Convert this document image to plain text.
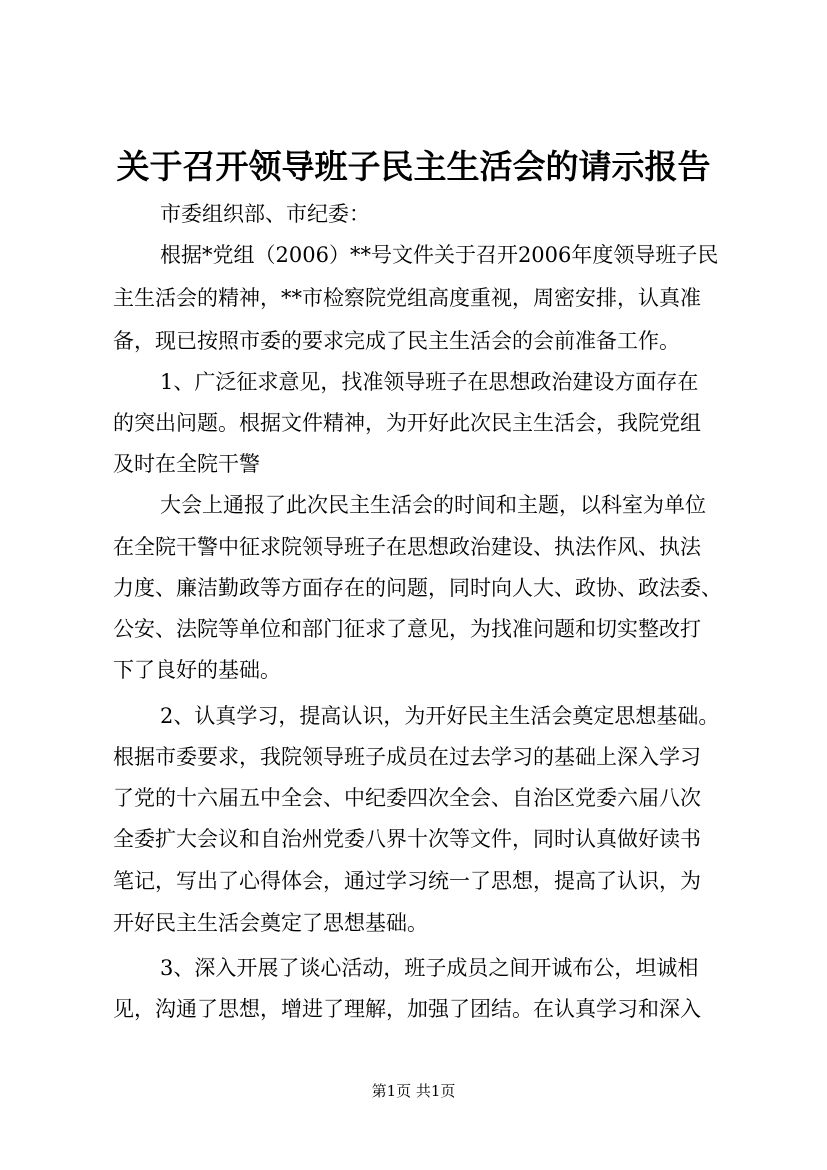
关于召开领导班子民主生活会的请示报告
市委组织部、市纪委：
根据*党组（2006）**号文件关于召开2006年度领导班子民
主生活会的精神，**市检察院党组高度重视，周密安排，认真准
备，现已按照市委的要求完成了民主生活会的会前准备工作。
1、广泛征求意见，找准领导班子在思想政治建设方面存在
的突出问题。根据文件精神，为开好此次民主生活会，我院党组
及时在全院干警
大会上通报了此次民主生活会的时间和主题，以科室为单位
在全院干警中征求院领导班子在思想政治建设、执法作风、执法
力度、廉洁勤政等方面存在的问题，同时向人大、政协、政法委、
公安、法院等单位和部门征求了意见，为找准问题和切实整改打
下了良好的基础。
2、认真学习，提高认识，为开好民主生活会奠定思想基础。
根据市委要求，我院领导班子成员在过去学习的基础上深入学习
了党的十六届五中全会、中纪委四次全会、自治区党委六届八次
全委扩大会议和自治州党委八界十次等文件，同时认真做好读书
笔记，写出了心得体会，通过学习统一了思想，提高了认识，为
开好民主生活会奠定了思想基础。
3、深入开展了谈心活动，班子成员之间开诚布公，坦诚相
见，沟通了思想，增进了理解，加强了团结。在认真学习和深入
第1页 共1页
